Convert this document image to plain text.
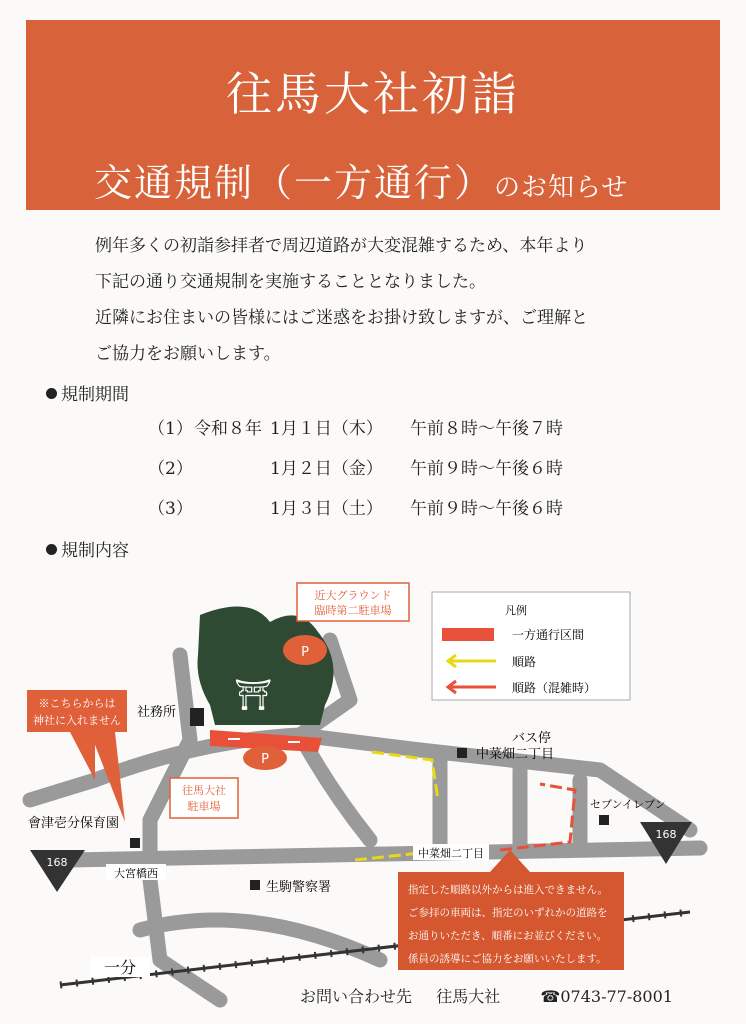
往馬大社初詣
交通規制（一方通行）のお知らせ
例年多くの初詣参拝者で周辺道路が大変混雑するため、本年より
下記の通り交通規制を実施することとなりました。
近隣にお住まいの皆様にはご迷惑をお掛け致しますが、ご理解と
ご協力をお願いします。
規制期間
（1） 令和８年 1月１日（木） 午前８時〜午後７時
（2）	1月２日（金） 午前９時〜午後６時
（3）	1月３日（土） 午前９時〜午後６時
規制内容
⛩
P
P
社務所
近大グラウンド
臨時第二駐車場
※こちらからは
神社に入れません
往馬大社
駐車場
バス停
中菜畑二丁目
セブンイレブン
168
168
會津壱分保育園
大宮橋西
中菜畑二丁目
生駒警察署
一分
凡例
一方通行区間
順路
順路（混雑時）
指定した順路以外からは進入できません。
ご参拝の車両は、指定のいずれかの道路を
お通りいただき、順番にお並びください。
係員の誘導にご協力をお願いいたします。
お問い合わせ先 往馬大社	☎0743-77-8001
